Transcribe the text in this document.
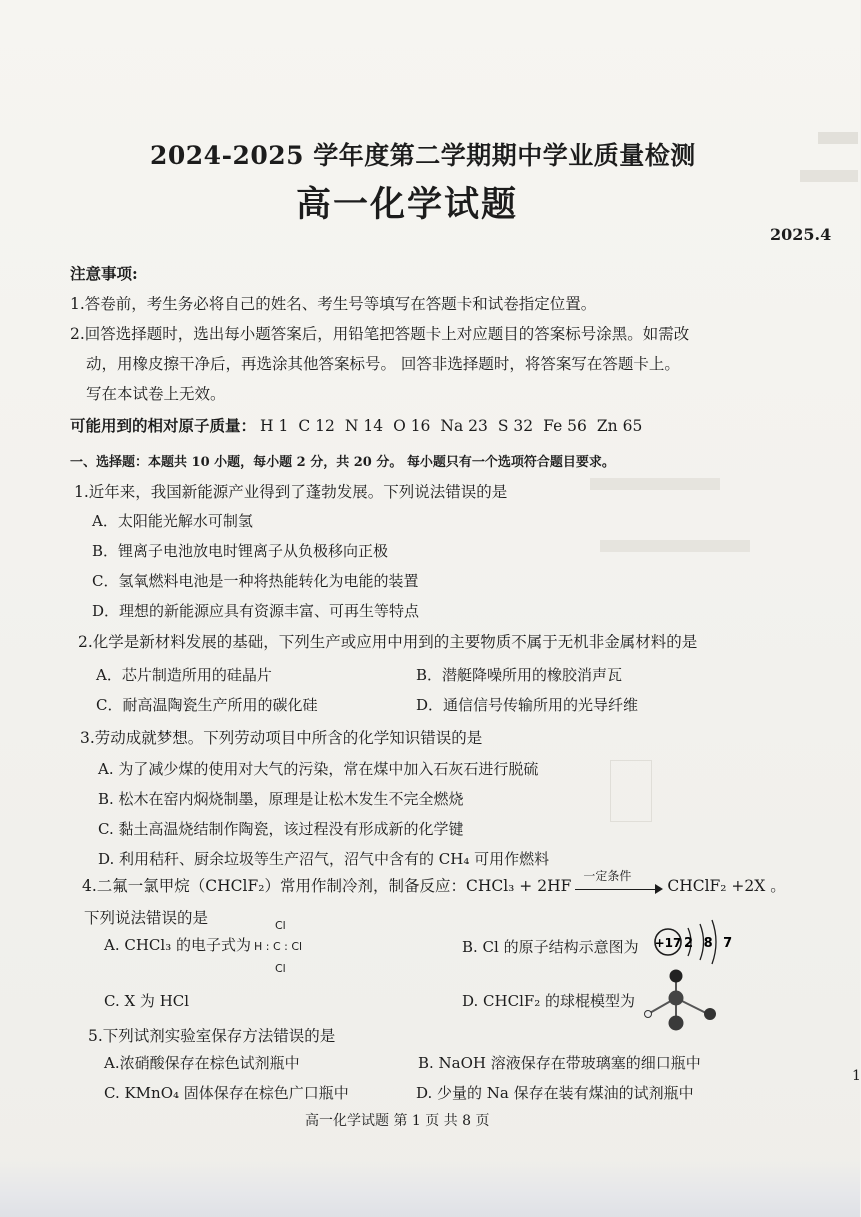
2024-2025 学年度第二学期期中学业质量检测
高一化学试题
2025.4
注意事项:
1.答卷前，考生务必将自己的姓名、考生号等填写在答题卡和试卷指定位置。
2.回答选择题时，选出每小题答案后，用铅笔把答题卡上对应题目的答案标号涂黑。如需改
动，用橡皮擦干净后，再选涂其他答案标号。 回答非选择题时，将答案写在答题卡上。
写在本试卷上无效。
可能用到的相对原子质量： H 1 C 12 N 14 O 16 Na 23 S 32 Fe 56 Zn 65
一、选择题：本题共 10 小题，每小题 2 分，共 20 分。 每小题只有一个选项符合题目要求。
1.近年来，我国新能源产业得到了蓬勃发展。下列说法错误的是
A．太阳能光解水可制氢
B．锂离子电池放电时锂离子从负极移向正极
C．氢氧燃料电池是一种将热能转化为电能的装置
D．理想的新能源应具有资源丰富、可再生等特点
2.化学是新材料发展的基础，下列生产或应用中用到的主要物质不属于无机非金属材料的是
A．芯片制造所用的硅晶片	B．潜艇降噪所用的橡胶消声瓦
C．耐高温陶瓷生产所用的碳化硅	D．通信信号传输所用的光导纤维
3.劳动成就梦想。下列劳动项目中所含的化学知识错误的是
A. 为了减少煤的使用对大气的污染，常在煤中加入石灰石进行脱硫
B. 松木在窑内焖烧制墨，原理是让松木发生不完全燃烧
C. 黏土高温烧结制作陶瓷，该过程没有形成新的化学键
D. 利用秸秆、厨余垃圾等生产沼气，沼气中含有的 CH₄ 可用作燃料
4.二氟一氯甲烷（CHClF₂）常用作制冷剂，制备反应：CHCl₃ + 2HF
一定条件
CHClF₂ +2X 。
下列说法错误的是
A. CHCl₃ 的电子式为
Cl
H : C : Cl
Cl
B. Cl 的原子结构示意图为 +17 2 8 7
C. X 为 HCl	D. CHClF₂ 的球棍模型为
5.下列试剂实验室保存方法错误的是
A.浓硝酸保存在棕色试剂瓶中	B. NaOH 溶液保存在带玻璃塞的细口瓶中
C. KMnO₄ 固体保存在棕色广口瓶中	D. 少量的 Na 保存在装有煤油的试剂瓶中
1
高一化学试题 第 1 页 共 8 页
